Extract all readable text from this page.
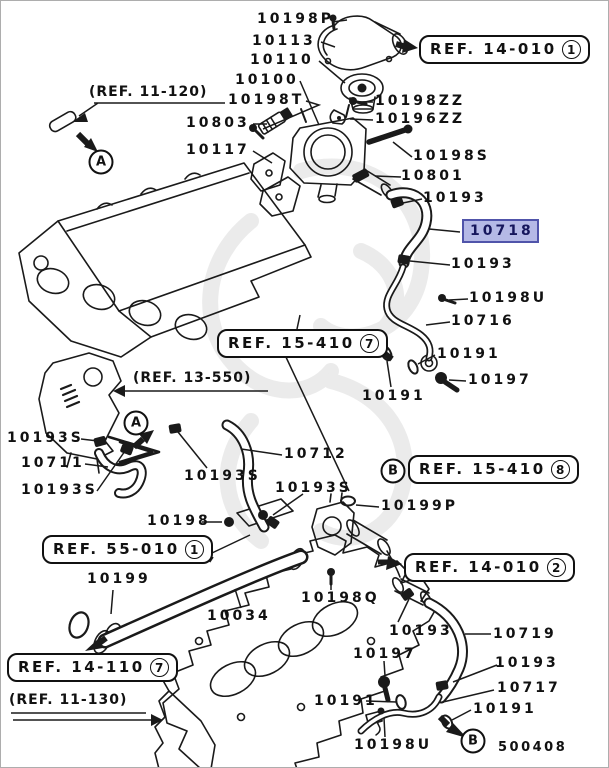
10198P
10113
10110
10100
10198T
10803
10198ZZ
10196ZZ
10117	10198S
10801
10193
10718
10193
10198U
10716
10191
10197
10191
10193S
10711
10193S
10712
10193S
10193S
10199P
10198
10199
10198Q
10034
10193	10719
10197
10193
10717
10191	10191
10198U
(REF. 11-120)
(REF. 13-550)
(REF. 11-130)
REF. 14-010 1
REF. 15-410 7
REF. 15-410 8
REF. 55-010 1
REF. 14-010 2
REF. 14-110 7
A
A
B
B	500408
